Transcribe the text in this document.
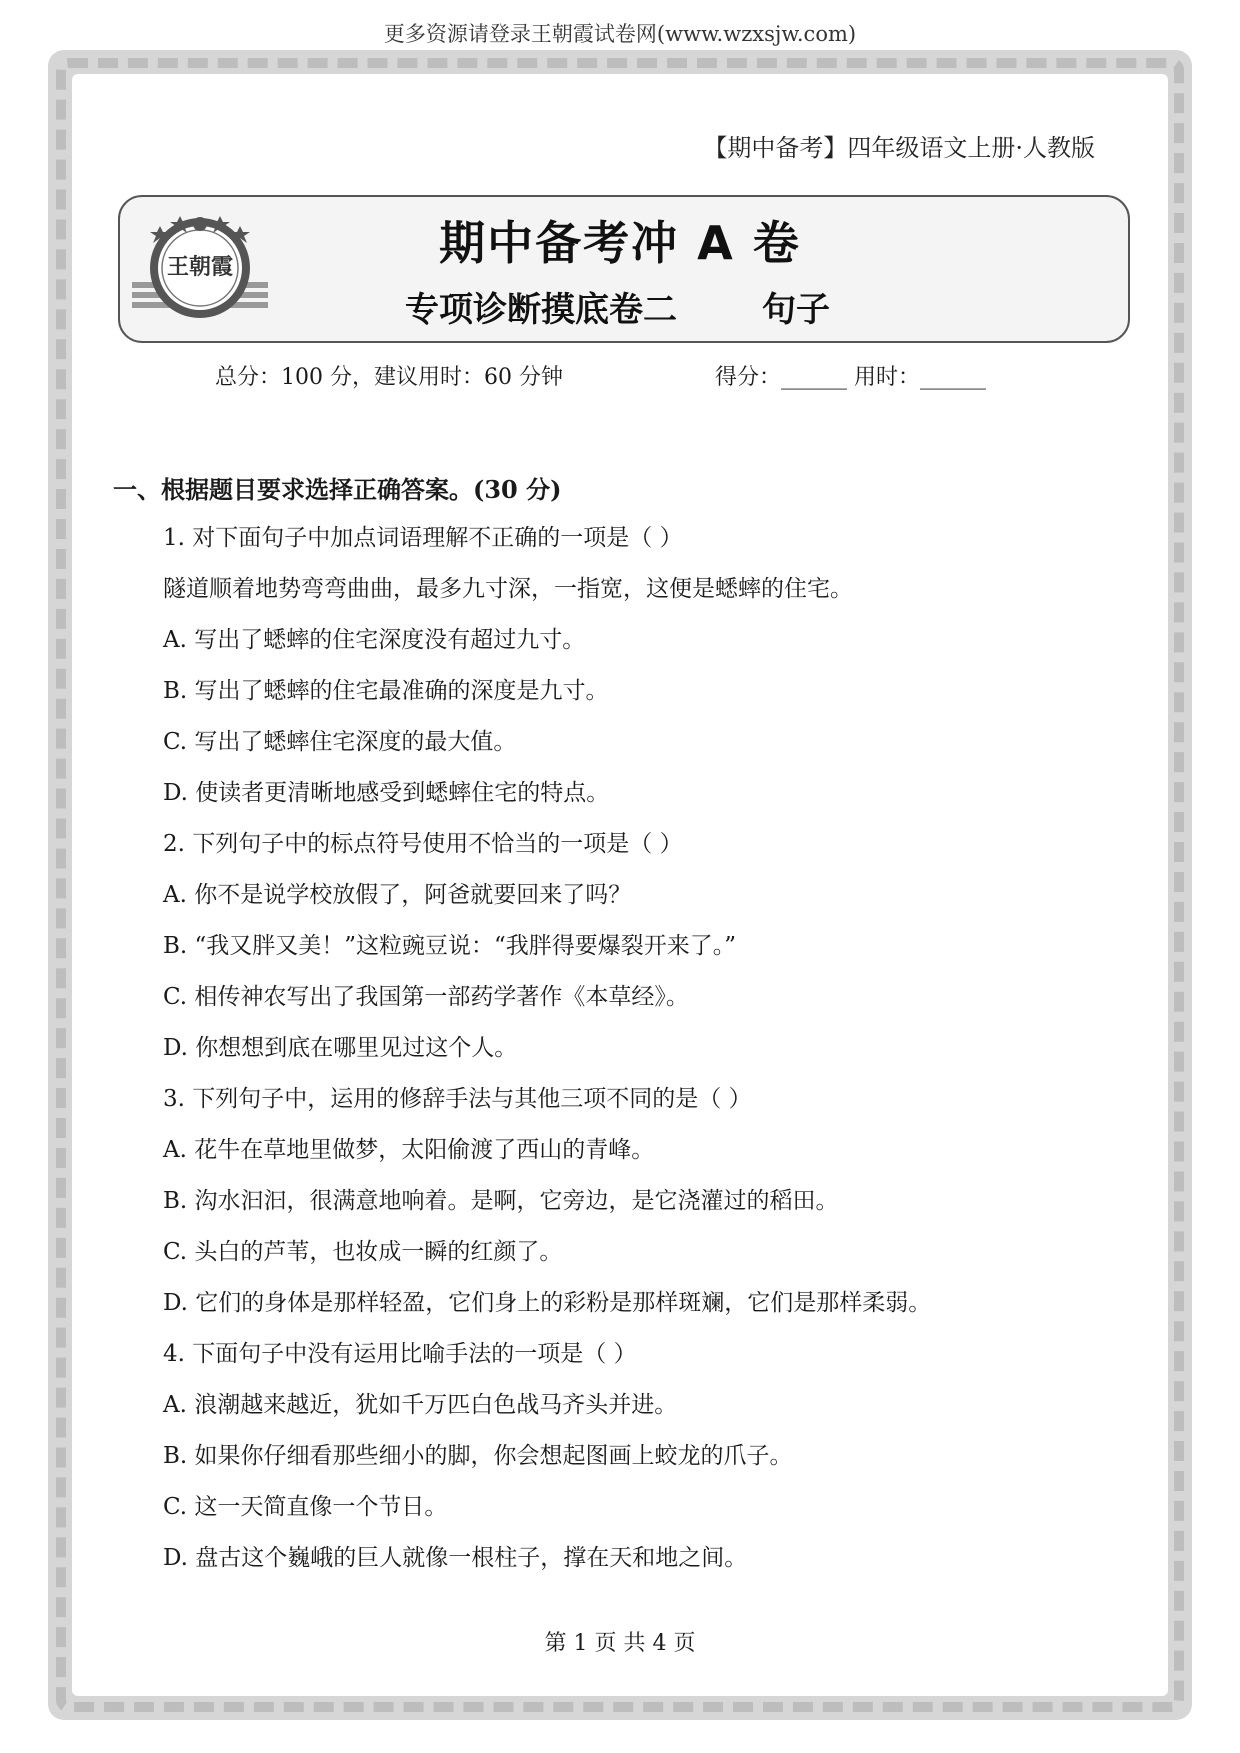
更多资源请登录王朝霞试卷网(www.wzxsjw.com)
【期中备考】四年级语文上册·人教版
王朝霞	期中备考冲 A 卷
专项诊断摸底卷二	句子
总分：100 分，建议用时：60 分钟	得分：______ 用时：______
一、根据题目要求选择正确答案。(30 分)
1. 对下面句子中加点词语理解不正确的一项是（ ）
隧道顺着地势弯弯曲曲，最多九寸深，一指宽，这便是蟋蟀的住宅。
A. 写出了蟋蟀的住宅深度没有超过九寸。
B. 写出了蟋蟀的住宅最准确的深度是九寸。
C. 写出了蟋蟀住宅深度的最大值。
D. 使读者更清晰地感受到蟋蟀住宅的特点。
2. 下列句子中的标点符号使用不恰当的一项是（ ）
A. 你不是说学校放假了，阿爸就要回来了吗？
B. “我又胖又美！”这粒豌豆说：“我胖得要爆裂开来了。”
C. 相传神农写出了我国第一部药学著作《本草经》。
D. 你想想到底在哪里见过这个人。
3. 下列句子中，运用的修辞手法与其他三项不同的是（ ）
A. 花牛在草地里做梦，太阳偷渡了西山的青峰。
B. 沟水汩汩，很满意地响着。是啊，它旁边，是它浇灌过的稻田。
C. 头白的芦苇，也妆成一瞬的红颜了。
D. 它们的身体是那样轻盈，它们身上的彩粉是那样斑斓，它们是那样柔弱。
4. 下面句子中没有运用比喻手法的一项是（ ）
A. 浪潮越来越近，犹如千万匹白色战马齐头并进。
B. 如果你仔细看那些细小的脚，你会想起图画上蛟龙的爪子。
C. 这一天简直像一个节日。
D. 盘古这个巍峨的巨人就像一根柱子，撑在天和地之间。
第 1 页 共 4 页
